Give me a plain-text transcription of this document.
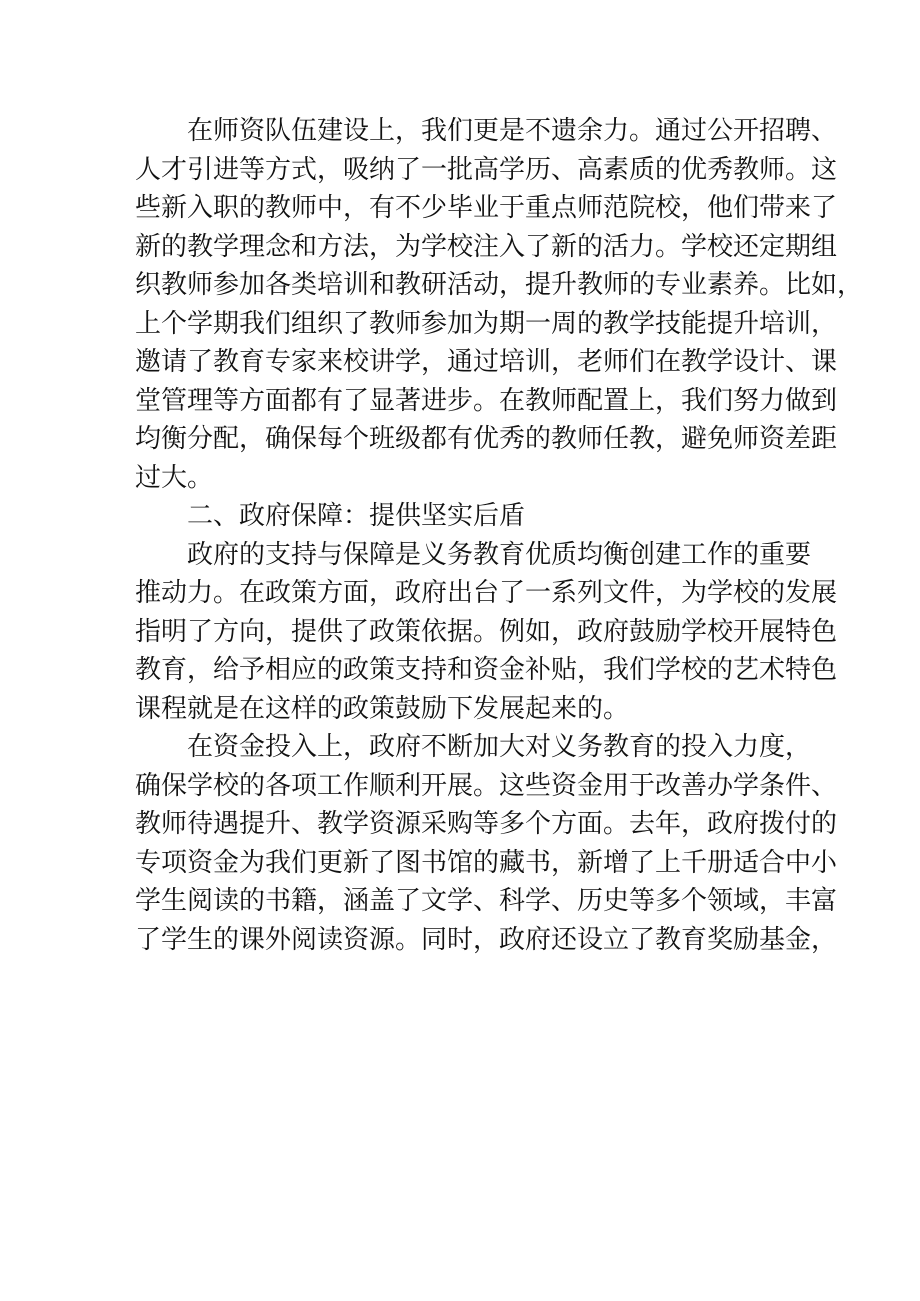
在师资队伍建设上，我们更是不遗余力。通过公开招聘、
人才引进等方式，吸纳了一批高学历、高素质的优秀教师。这
些新入职的教师中，有不少毕业于重点师范院校，他们带来了
新的教学理念和方法，为学校注入了新的活力。学校还定期组
织教师参加各类培训和教研活动，提升教师的专业素养。比如，
上个学期我们组织了教师参加为期一周的教学技能提升培训，
邀请了教育专家来校讲学，通过培训，老师们在教学设计、课
堂管理等方面都有了显著进步。在教师配置上，我们努力做到
均衡分配，确保每个班级都有优秀的教师任教，避免师资差距
过大。
二、政府保障：提供坚实后盾
政府的支持与保障是义务教育优质均衡创建工作的重要
推动力。在政策方面，政府出台了一系列文件，为学校的发展
指明了方向，提供了政策依据。例如，政府鼓励学校开展特色
教育，给予相应的政策支持和资金补贴，我们学校的艺术特色
课程就是在这样的政策鼓励下发展起来的。
在资金投入上，政府不断加大对义务教育的投入力度，
确保学校的各项工作顺利开展。这些资金用于改善办学条件、
教师待遇提升、教学资源采购等多个方面。去年，政府拨付的
专项资金为我们更新了图书馆的藏书，新增了上千册适合中小
学生阅读的书籍，涵盖了文学、科学、历史等多个领域，丰富
了学生的课外阅读资源。同时，政府还设立了教育奖励基金，
